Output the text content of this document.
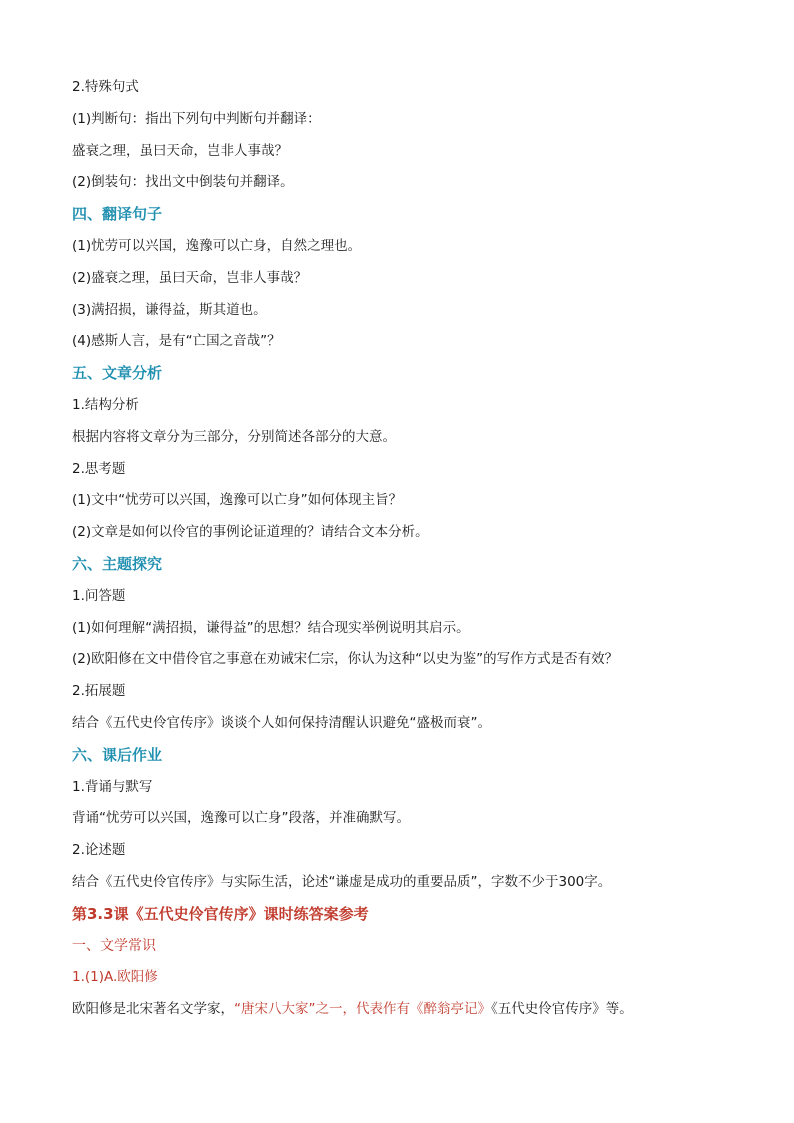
2.特殊句式
(1)判断句：指出下列句中判断句并翻译：
盛衰之理，虽曰天命，岂非人事哉？
(2)倒装句：找出文中倒装句并翻译。
四、翻译句子
(1)忧劳可以兴国，逸豫可以亡身，自然之理也。
(2)盛衰之理，虽曰天命，岂非人事哉？
(3)满招损，谦得益，斯其道也。
(4)感斯人言，是有“亡国之音哉”？
五、文章分析
1.结构分析
根据内容将文章分为三部分，分别简述各部分的大意。
2.思考题
(1)文中“忧劳可以兴国，逸豫可以亡身”如何体现主旨？
(2)文章是如何以伶官的事例论证道理的？请结合文本分析。
六、主题探究
1.问答题
(1)如何理解“满招损，谦得益”的思想？结合现实举例说明其启示。
(2)欧阳修在文中借伶官之事意在劝诫宋仁宗，你认为这种“以史为鉴”的写作方式是否有效？
2.拓展题
结合《五代史伶官传序》谈谈个人如何保持清醒认识避免“盛极而衰”。
六、课后作业
1.背诵与默写
背诵“忧劳可以兴国，逸豫可以亡身”段落，并准确默写。
2.论述题
结合《五代史伶官传序》与实际生活，论述“谦虚是成功的重要品质”，字数不少于300字。
第3.3课《五代史伶官传序》课时练答案参考
一、文学常识
1.(1)A.欧阳修
欧阳修是北宋著名文学家，“唐宋八大家”之一，代表作有《醉翁亭记》《五代史伶官传序》等。
